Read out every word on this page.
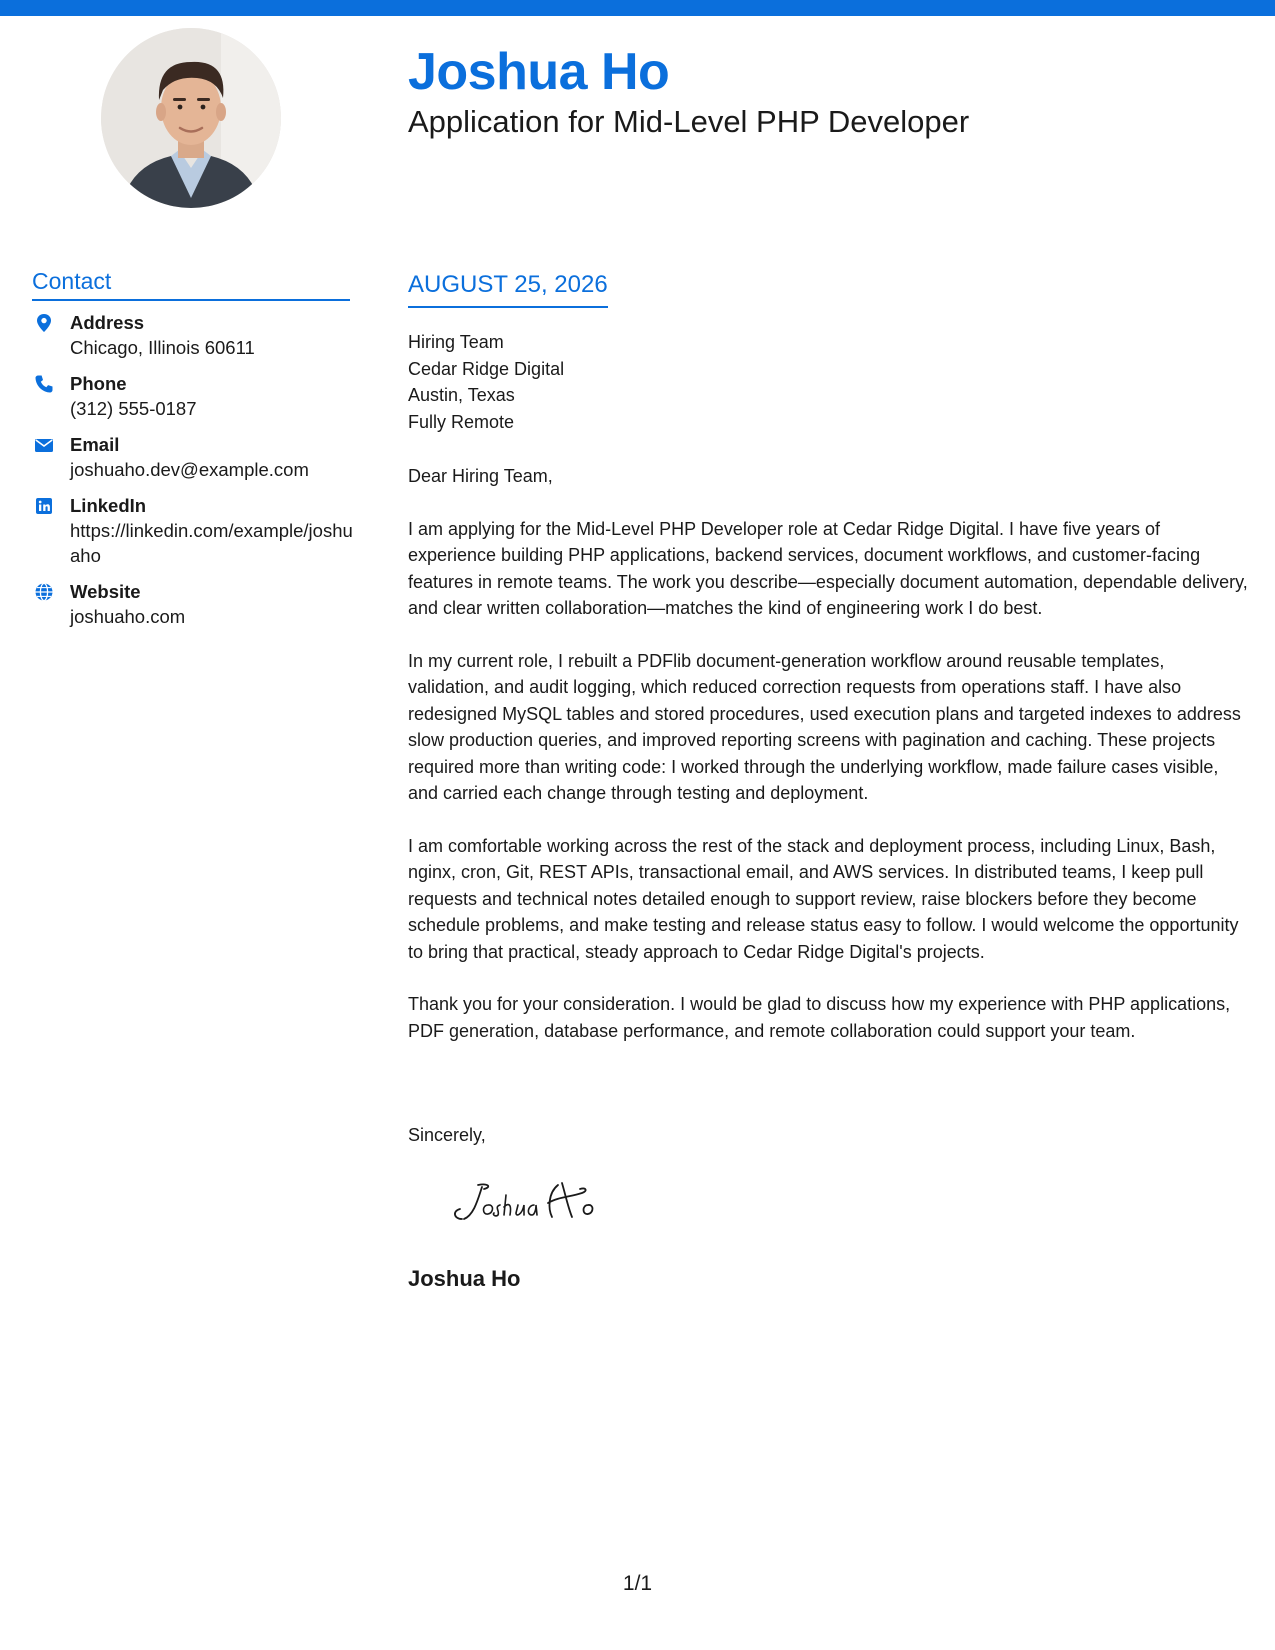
Joshua Ho
Application for Mid-Level PHP Developer
Contact
Address
Chicago, Illinois 60611
Phone
(312) 555-0187
Email
joshuaho.dev@example.com
LinkedIn
https://linkedin.com/example/joshuaho
Website
joshuaho.com
AUGUST 25, 2026
Hiring Team
Cedar Ridge Digital
Austin, Texas
Fully Remote

Dear Hiring Team,

I am applying for the Mid-Level PHP Developer role at Cedar Ridge Digital. I have five years of experience building PHP applications, backend services, document workflows, and customer-facing features in remote teams. The work you describe—especially document automation, dependable delivery, and clear written collaboration—matches the kind of engineering work I do best.

In my current role, I rebuilt a PDFlib document-generation workflow around reusable templates, validation, and audit logging, which reduced correction requests from operations staff. I have also redesigned MySQL tables and stored procedures, used execution plans and targeted indexes to address slow production queries, and improved reporting screens with pagination and caching. These projects required more than writing code: I worked through the underlying workflow, made failure cases visible, and carried each change through testing and deployment.

I am comfortable working across the rest of the stack and deployment process, including Linux, Bash, nginx, cron, Git, REST APIs, transactional email, and AWS services. In distributed teams, I keep pull requests and technical notes detailed enough to support review, raise blockers before they become schedule problems, and make testing and release status easy to follow. I would welcome the opportunity to bring that practical, steady approach to Cedar Ridge Digital's projects.

Thank you for your consideration. I would be glad to discuss how my experience with PHP applications, PDF generation, database performance, and remote collaboration could support your team.

Sincerely,
Joshua Ho
1/1
